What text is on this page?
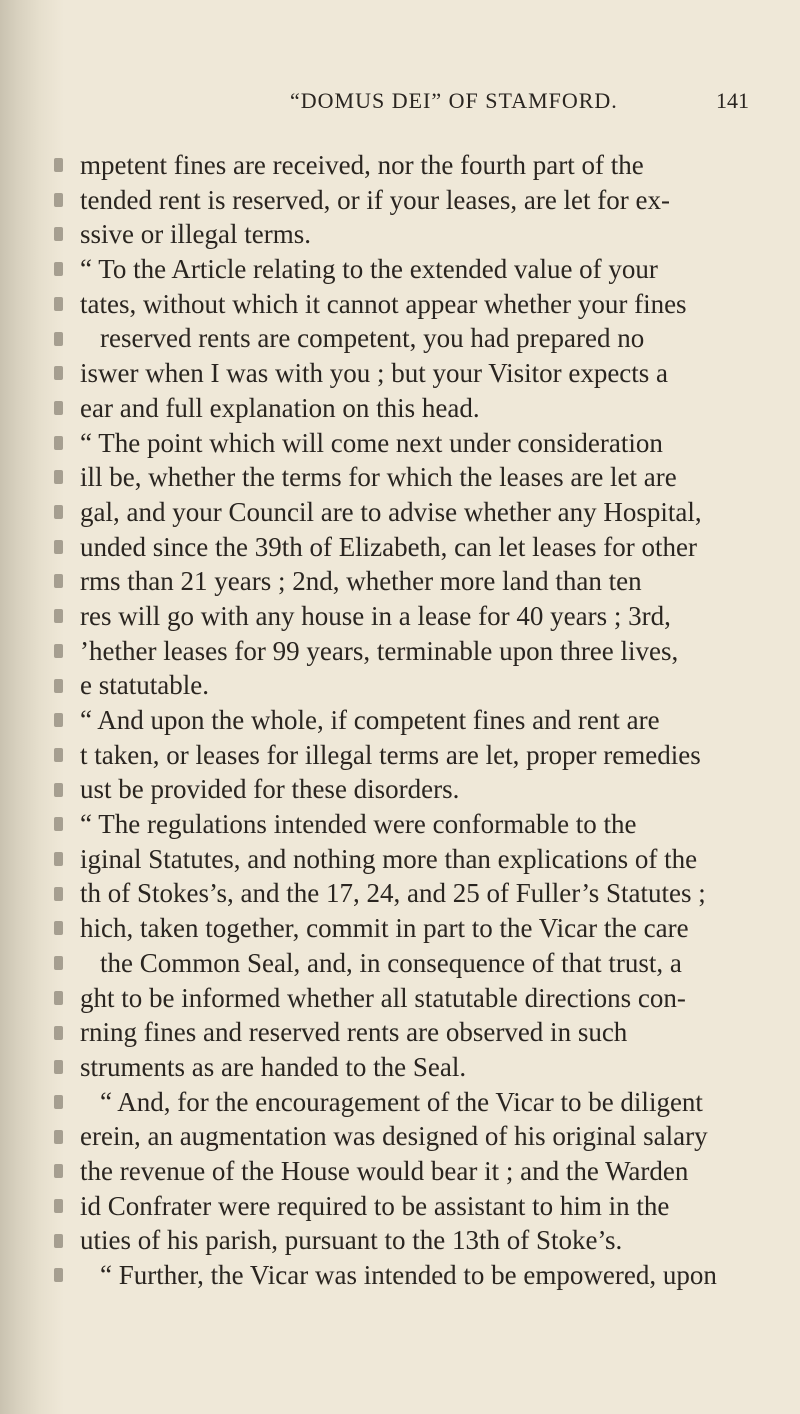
“DOMUS DEI” OF STAMFORD.	141
mpetent fines are received, nor the fourth part of the
tended rent is reserved, or if your leases, are let for ex-
ssive or illegal terms.
“ To the Article relating to the extended value of your
tates, without which it cannot appear whether your fines
reserved rents are competent, you had prepared no
iswer when I was with you ; but your Visitor expects a
ear and full explanation on this head.
“ The point which will come next under consideration
ill be, whether the terms for which the leases are let are
gal, and your Council are to advise whether any Hospital,
unded since the 39th of Elizabeth, can let leases for other
rms than 21 years ; 2nd, whether more land than ten
res will go with any house in a lease for 40 years ; 3rd,
’hether leases for 99 years, terminable upon three lives,
e statutable.
“ And upon the whole, if competent fines and rent are
t taken, or leases for illegal terms are let, proper remedies
ust be provided for these disorders.
“ The regulations intended were conformable to the
iginal Statutes, and nothing more than explications of the
th of Stokes’s, and the 17, 24, and 25 of Fuller’s Statutes ;
hich, taken together, commit in part to the Vicar the care
the Common Seal, and, in consequence of that trust, a
ght to be informed whether all statutable directions con-
rning fines and reserved rents are observed in such
struments as are handed to the Seal.
“ And, for the encouragement of the Vicar to be diligent
erein, an augmentation was designed of his original salary
the revenue of the House would bear it ; and the Warden
id Confrater were required to be assistant to him in the
uties of his parish, pursuant to the 13th of Stoke’s.
“ Further, the Vicar was intended to be empowered, upon
